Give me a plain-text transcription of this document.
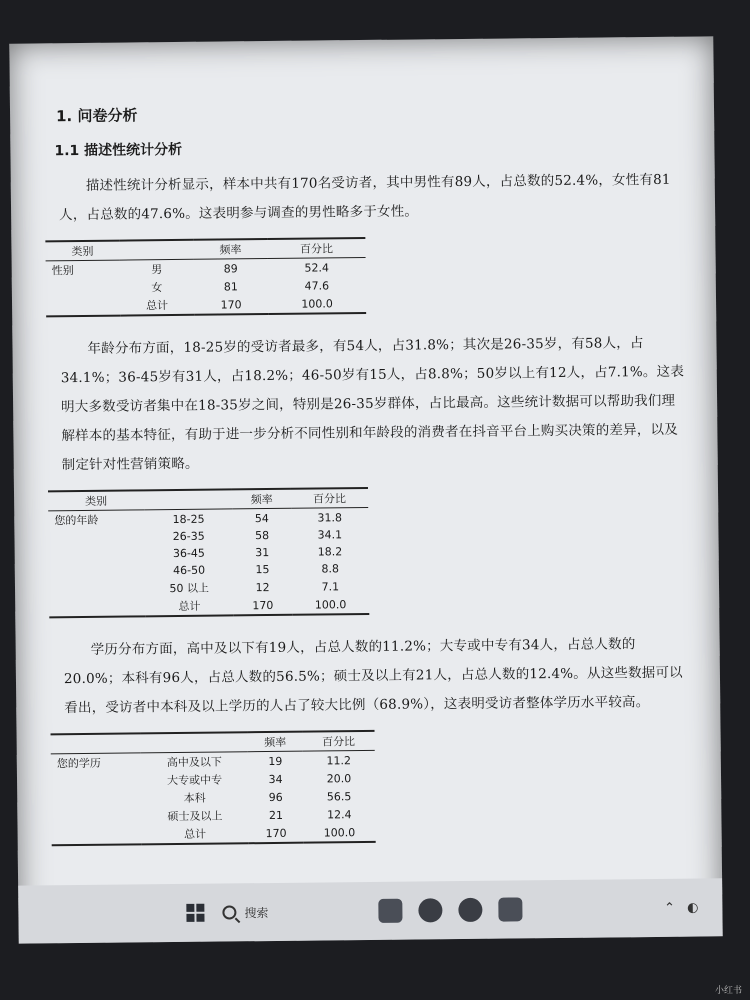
1. 问卷分析
1.1 描述性统计分析

描述性统计分析显示，样本中共有170名受访者，其中男性有89人，占总数的52.4%，女性有81人，占总数的47.6%。这表明参与调查的男性略多于女性。

类别		频率	百分比
性别	男	89	52.4
	女	81	47.6
	总计	170	100.0

年龄分布方面，18-25岁的受访者最多，有54人，占31.8%；其次是26-35岁，有58人，占34.1%；36-45岁有31人，占18.2%；46-50岁有15人，占8.8%；50岁以上有12人，占7.1%。这表明大多数受访者集中在18-35岁之间，特别是26-35岁群体，占比最高。这些统计数据可以帮助我们理解样本的基本特征，有助于进一步分析不同性别和年龄段的消费者在抖音平台上购买决策的差异，以及制定针对性营销策略。

类别		频率	百分比
您的年龄	18-25	54	31.8
	26-35	58	34.1
	36-45	31	18.2
	46-50	15	8.8
	50 以上	12	7.1
	总计	170	100.0

学历分布方面，高中及以下有19人，占总人数的11.2%；大专或中专有34人，占总人数的20.0%；本科有96人，占总人数的56.5%；硕士及以上有21人，占总人数的12.4%。从这些数据可以看出，受访者中本科及以上学历的人占了较大比例（68.9%），这表明受访者整体学历水平较高。

		频率	百分比
您的学历	高中及以下	19	11.2
	大专或中专	34	20.0
	本科	96	56.5
	硕士及以上	21	12.4
	总计	170	100.0
搜索	⌃ ◐
小红书
